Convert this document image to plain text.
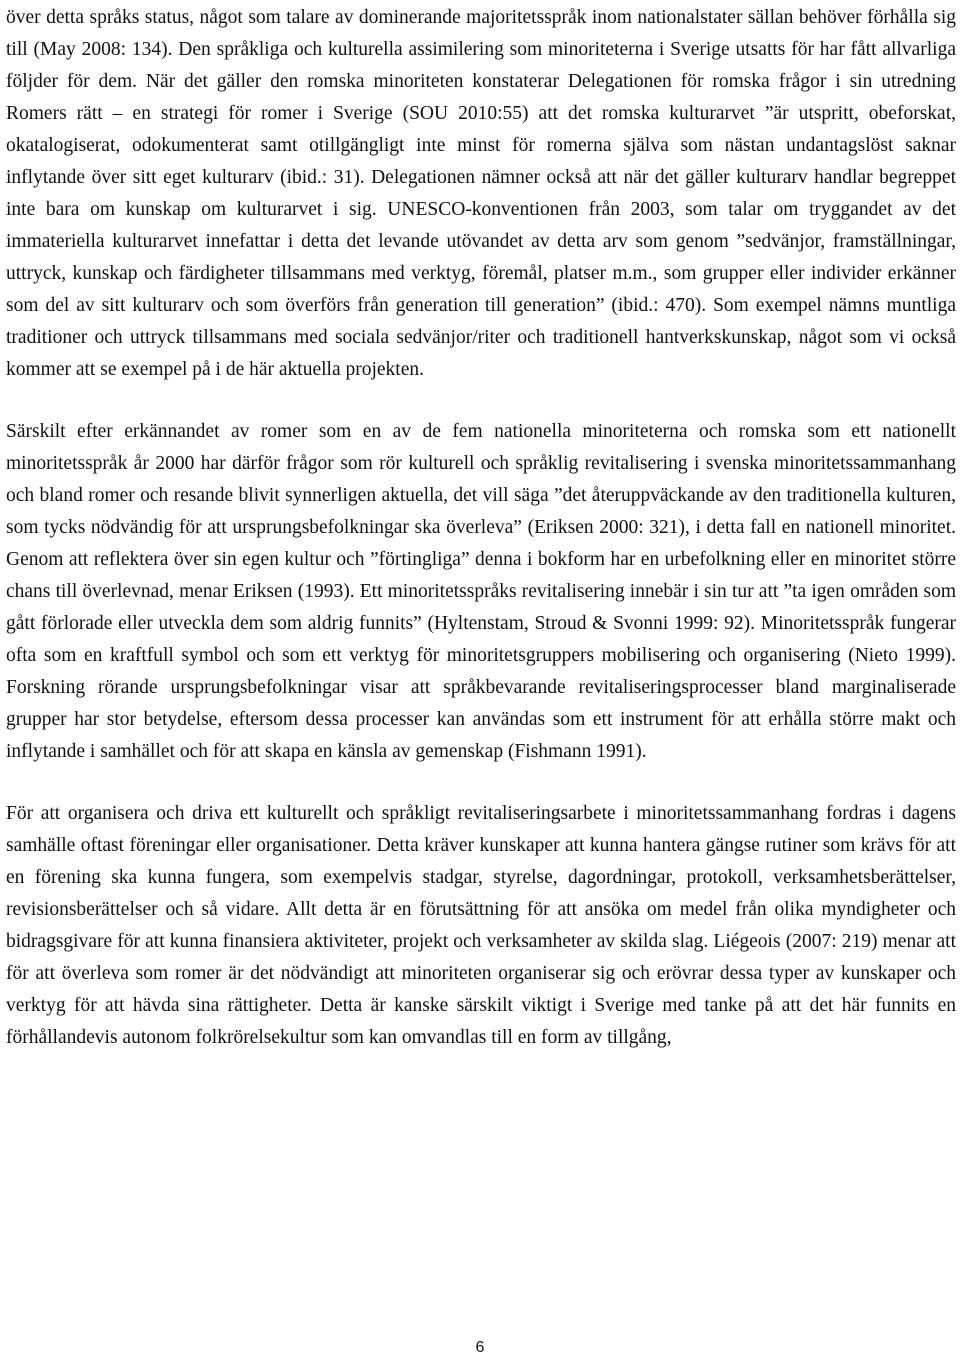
över detta språks status, något som talare av dominerande majoritetsspråk inom nationalstater sällan behöver förhålla sig till (May 2008: 134). Den språkliga och kulturella assimilering som minoriteterna i Sverige utsatts för har fått allvarliga följder för dem. När det gäller den romska minoriteten konstaterar Delegationen för romska frågor i sin utredning Romers rätt – en strategi för romer i Sverige (SOU 2010:55) att det romska kulturarvet ”är utspritt, obeforskat, okatalogiserat, odokumenterat samt otillgängligt inte minst för romerna själva som nästan undantagslöst saknar inflytande över sitt eget kulturarv (ibid.: 31). Delegationen nämner också att när det gäller kulturarv handlar begreppet inte bara om kunskap om kulturarvet i sig. UNESCO-konventionen från 2003, som talar om tryggandet av det immateriella kulturarvet innefattar i detta det levande utövandet av detta arv som genom ”sedvänjor, framställningar, uttryck, kunskap och färdigheter tillsammans med verktyg, föremål, platser m.m., som grupper eller individer erkänner som del av sitt kulturarv och som överförs från generation till generation” (ibid.: 470). Som exempel nämns muntliga traditioner och uttryck tillsammans med sociala sedvänjor/riter och traditionell hantverkskunskap, något som vi också kommer att se exempel på i de här aktuella projekten.

Särskilt efter erkännandet av romer som en av de fem nationella minoriteterna och romska som ett nationellt minoritetsspråk år 2000 har därför frågor som rör kulturell och språklig revitalisering i svenska minoritetssammanhang och bland romer och resande blivit synnerligen aktuella, det vill säga ”det återuppväckande av den traditionella kulturen, som tycks nödvändig för att ursprungsbefolkningar ska överleva” (Eriksen 2000: 321), i detta fall en nationell minoritet. Genom att reflektera över sin egen kultur och ”förtingliga” denna i bokform har en urbefolkning eller en minoritet större chans till överlevnad, menar Eriksen (1993). Ett minoritetsspråks revitalisering innebär i sin tur att ”ta igen områden som gått förlorade eller utveckla dem som aldrig funnits” (Hyltenstam, Stroud & Svonni 1999: 92). Minoritetsspråk fungerar ofta som en kraftfull symbol och som ett verktyg för minoritetsgruppers mobilisering och organisering (Nieto 1999). Forskning rörande ursprungsbefolkningar visar att språkbevarande revitaliseringsprocesser bland marginaliserade grupper har stor betydelse, eftersom dessa processer kan användas som ett instrument för att erhålla större makt och inflytande i samhället och för att skapa en känsla av gemenskap (Fishmann 1991).

För att organisera och driva ett kulturellt och språkligt revitaliseringsarbete i minoritetssammanhang fordras i dagens samhälle oftast föreningar eller organisationer. Detta kräver kunskaper att kunna hantera gängse rutiner som krävs för att en förening ska kunna fungera, som exempelvis stadgar, styrelse, dagordningar, protokoll, verksamhetsberättelser, revisionsberättelser och så vidare. Allt detta är en förutsättning för att ansöka om medel från olika myndigheter och bidragsgivare för att kunna finansiera aktiviteter, projekt och verksamheter av skilda slag. Liégeois (2007: 219) menar att för att överleva som romer är det nödvändigt att minoriteten organiserar sig och erövrar dessa typer av kunskaper och verktyg för att hävda sina rättigheter. Detta är kanske särskilt viktigt i Sverige med tanke på att det här funnits en förhållandevis autonom folkrörelsekultur som kan omvandlas till en form av tillgång,

6
